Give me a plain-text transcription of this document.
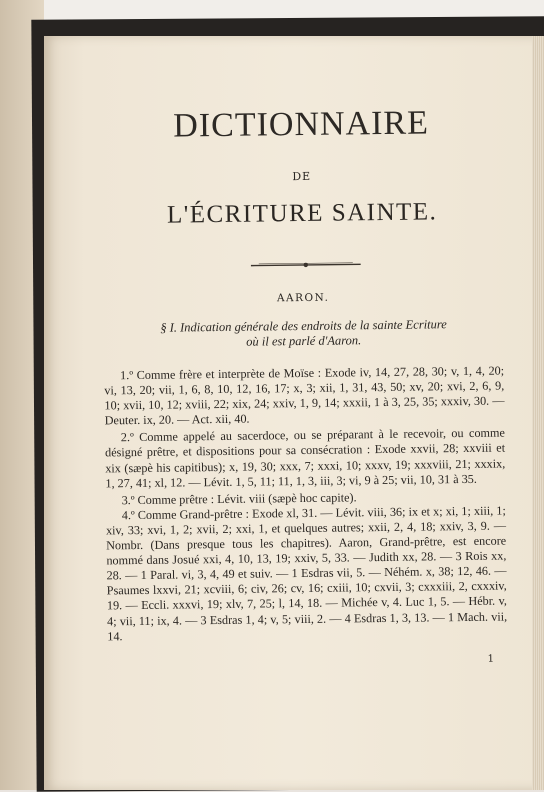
DICTIONNAIRE
DE
L'ÉCRITURE SAINTE.
AARON.
§ I. Indication générale des endroits de la sainte Ecriture
où il est parlé d'Aaron.

1.º Comme frère et interprète de Moïse : Exode iv, 14, 27, 28, 30; v, 1, 4, 20; vi, 13, 20; vii, 1, 6, 8, 10, 12, 16, 17; x, 3; xii, 1, 31, 43, 50; xv, 20; xvi, 2, 6, 9, 10; xvii, 10, 12; xviii, 22; xix, 24; xxiv, 1, 9, 14; xxxii, 1 à 3, 25, 35; xxxiv, 30. — Deuter. ix, 20. — Act. xii, 40.

2.º Comme appelé au sacerdoce, ou se préparant à le recevoir, ou comme désigné prêtre, et dispositions pour sa consécration : Exode xxvii, 28; xxviii et xix (sæpè his capitibus); x, 19, 30; xxx, 7; xxxi, 10; xxxv, 19; xxxviii, 21; xxxix, 1, 27, 41; xl, 12. — Lévit. 1, 5, 11; 11, 1, 3, iii, 3; vi, 9 à 25; vii, 10, 31 à 35.

3.º Comme prêtre : Lévit. viii (sæpè hoc capite).

4.º Comme Grand-prêtre : Exode xl, 31. — Lévit. viii, 36; ix et x; xi, 1; xiii, 1; xiv, 33; xvi, 1, 2; xvii, 2; xxi, 1, et quelques autres; xxii, 2, 4, 18; xxiv, 3, 9. — Nombr. (Dans presque tous les chapitres). Aaron, Grand-prêtre, est encore nommé dans Josué xxi, 4, 10, 13, 19; xxiv, 5, 33. — Judith xx, 28. — 3 Rois xx, 28. — 1 Paral. vi, 3, 4, 49 et suiv. — 1 Esdras vii, 5. — Néhém. x, 38; 12, 46. — Psaumes lxxvi, 21; xcviii, 6; civ, 26; cv, 16; cxiii, 10; cxvii, 3; cxxxiii, 2, cxxxiv, 19. — Eccli. xxxvi, 19; xlv, 7, 25; l, 14, 18. — Michée v, 4. Luc 1, 5. — Hébr. v, 4; vii, 11; ix, 4. — 3 Esdras 1, 4; v, 5; viii, 2. — 4 Esdras 1, 3, 13. — 1 Mach. vii, 14.

1
